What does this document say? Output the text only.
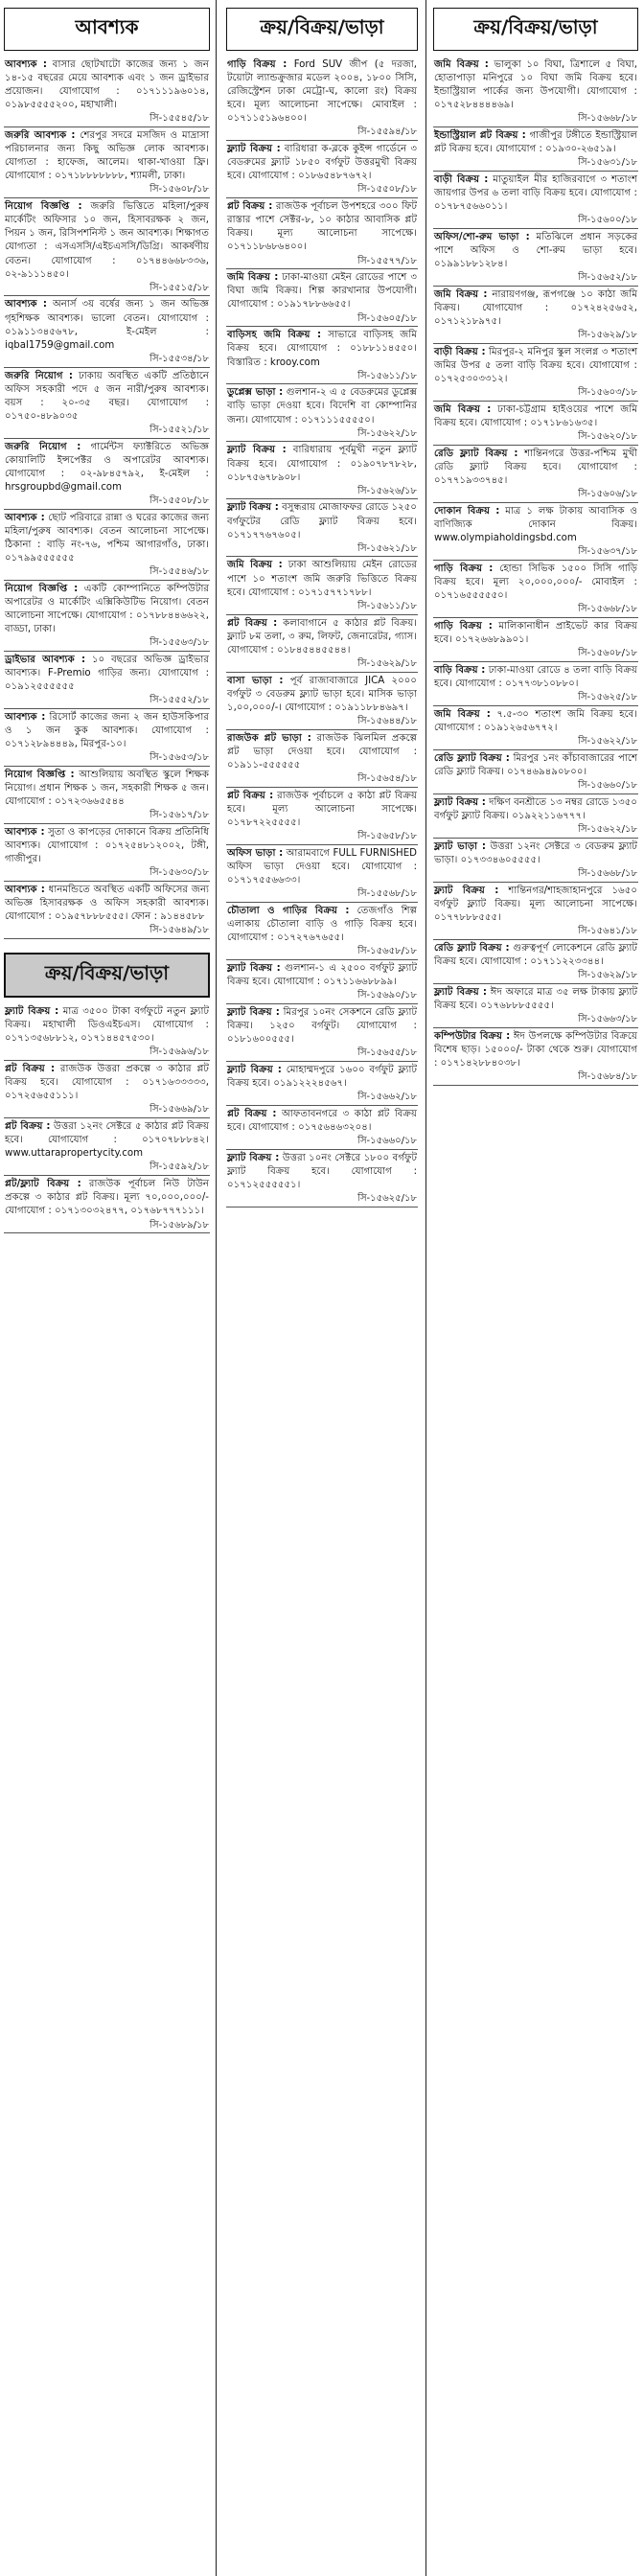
আবশ্যক
আবশ্যক : বাসার ছোটখাটো কাজের জন্য ১ জন ১৪-১৫ বছরের মেয়ে আবশ্যক এবং ১ জন ড্রাইভার প্রয়োজন। যোগাযোগ : ০১৭১১১৯৬০১৪, ০১৯৮৫৫৫৫২০০, মহাখালী।
সি-১৫৫৪৫/১৮
জরুরি আবশ্যক : শেরপুর সদরে মসজিদ ও মাদ্রাসা পরিচালনার জন্য কিছু অভিজ্ঞ লোক আবশ্যক। যোগ্যতা : হাফেজ, আলেম। থাকা-খাওয়া ফ্রি। যোগাযোগ : ০১৭১৮৮৮৮৮৮৮, শ্যামলী, ঢাকা।
সি-১৫৬০৮/১৮
নিয়োগ বিজ্ঞপ্তি : জরুরি ভিত্তিতে মহিলা/পুরুষ মার্কেটিং অফিসার ১০ জন, হিসাবরক্ষক ২ জন, পিয়ন ১ জন, রিসিপশনিস্ট ১ জন আবশ্যক। শিক্ষাগত যোগ্যতা : এসএসসি/এইচএসসি/ডিগ্রি। আকর্ষণীয় বেতন। যোগাযোগ : ০১৭৪৪৬৬৮৩৩৬, ০২-৯১১১৪৫০।
সি-১৫৫১৫/১৮
আবশ্যক : অনার্স ৩য় বর্ষের জন্য ১ জন অভিজ্ঞ গৃহশিক্ষক আবশ্যক। ভালো বেতন। যোগাযোগ : ০১৯১১৩৪৫৬৭৮, ই-মেইল : iqbal1759@gmail.com
সি-১৫৫৩৪/১৮
জরুরি নিয়োগ : ঢাকায় অবস্থিত একটি প্রতিষ্ঠানে অফিস সহকারী পদে ৫ জন নারী/পুরুষ আবশ্যক। বয়স : ২০-৩৫ বছর। যোগাযোগ : ০১৭৫০-৪৮৯০৩৫
সি-১৫৫২১/১৮
জরুরি নিয়োগ : গার্মেন্টস ফ্যাক্টরিতে অভিজ্ঞ কোয়ালিটি ইন্সপেক্টর ও অপারেটর আবশ্যক। যোগাযোগ : ০২-৯৮৪৫৭৯২, ই-মেইল : hrsgroupbd@gmail.com
সি-১৫৫০৮/১৮
আবশ্যক : ছোট পরিবারে রান্না ও ঘরের কাজের জন্য মহিলা/পুরুষ আবশ্যক। বেতন আলোচনা সাপেক্ষে। ঠিকানা : বাড়ি নং-৭৬, পশ্চিম আগারগাঁও, ঢাকা। ০১৭৯৯৫৫৫৫৫৫
সি-১৫৫৪৬/১৮
নিয়োগ বিজ্ঞপ্তি : একটি কোম্পানিতে কম্পিউটার অপারেটর ও মার্কেটিং এক্সিকিউটিভ নিয়োগ। বেতন আলোচনা সাপেক্ষে। যোগাযোগ : ০১৭৮৮৪৪৬৬২২, বাড্ডা, ঢাকা।
সি-১৫৫৬৩/১৮
ড্রাইভার আবশ্যক : ১০ বছরের অভিজ্ঞ ড্রাইভার আবশ্যক। F-Premio গাড়ির জন্য। যোগাযোগ : ০১৯১২৫৫৫৫৫৫
সি-১৫৫৫২/১৮
আবশ্যক : রিসোর্ট কাজের জন্য ২ জন হাউসকিপার ও ১ জন কুক আবশ্যক। যোগাযোগ : ০১৭১২৮৯৪৪৪৯, মিরপুর-১০।
সি-১৫৬৫৩/১৮
নিয়োগ বিজ্ঞপ্তি : আশুলিয়ায় অবস্থিত স্কুলে শিক্ষক নিয়োগ। প্রধান শিক্ষক ১ জন, সহকারী শিক্ষক ৫ জন। যোগাযোগ : ০১৭২৩৬৬৫৫৪৪
সি-১৫৬১৭/১৮
আবশ্যক : সুতা ও কাপড়ের দোকানে বিক্রয় প্রতিনিধি আবশ্যক। যোগাযোগ : ০১৭২৫৪৮১২০০২, টঙ্গী, গাজীপুর।
সি-১৫৬৩০/১৮
আবশ্যক : ধানমন্ডিতে অবস্থিত একটি অফিসের জন্য অভিজ্ঞ হিসাবরক্ষক ও অফিস সহকারী আবশ্যক। যোগাযোগ : ০১৯৫৭৮৮৮৫৫৫। ফোন : ৯১৪৪৫৮৮
সি-১৫৬৪৯/১৮
ক্রয়/বিক্রয়/ভাড়া
ফ্ল্যাট বিক্রয় : মাত্র ৩৫০০ টাকা বর্গফুটে নতুন ফ্ল্যাট বিক্রয়। মহাখালী ডিওএইচএস। যোগাযোগ : ০১৭১৩৫৬৮৮১২, ০১৭১৪৪৫৭৫৩০।
সি-১৫৬৯৬/১৮
প্লট বিক্রয় : রাজউক উত্তরা প্রকল্পে ৩ কাঠার প্লট বিক্রয় হবে। যোগাযোগ : ০১৭১৬৩৩৩৩৩, ০১৭২৫৬৫৫১১১।
সি-১৫৬৬৯/১৮
প্লট বিক্রয় : উত্তরা ১২নং সেক্টরে ৫ কাঠার প্লট বিক্রয় হবে। যোগাযোগ : ০১৭০৭৮৮৮৪২। www.uttarapropertycity.com
সি-১৫৫৯২/১৮
প্লট/ফ্ল্যাট বিক্রয় : রাজউক পূর্বাচল নিউ টাউন প্রকল্পে ৩ কাঠার প্লট বিক্রয়। মূল্য ৭০,০০০,০০০/- যোগাযোগ : ০১৭১৩০৩২৪৭৭, ০১৭৬৮৭৭৭১১১।
সি-১৫৬৮৯/১৮
ক্রয়/বিক্রয়/ভাড়া
গাড়ি বিক্রয় : Ford SUV জীপ (৫ দরজা, টয়োটা ল্যান্ডক্রুজার মডেল ২০০৪, ১৮০০ সিসি, রেজিস্ট্রেশন ঢাকা মেট্রো-ঘ, কালো রং) বিক্রয় হবে। মূল্য আলোচনা সাপেক্ষে। মোবাইল : ০১৭১১৫১৯৬৪০০।
সি-১৫৫৯৪/১৮
ফ্ল্যাট বিক্রয় : বারিধারা ক-ব্লকে কুইন্স গার্ডেনে ৩ বেডরুমের ফ্ল্যাট ১৮৫০ বর্গফুট উত্তরমুখী বিক্রয় হবে। যোগাযোগ : ০১৮৬৫৪৮৭৬৭২।
সি-১৫৫০৮/১৮
প্লট বিক্রয় : রাজউক পূর্বাচল উপশহরে ৩০০ ফিট রাস্তার পাশে সেক্টর-৮, ১০ কাঠার আবাসিক প্লট বিক্রয়। মূল্য আলোচনা সাপেক্ষে। ০১৭১১৮৬৮৬৪০০।
সি-১৫৫৭৭/১৮
জমি বিক্রয় : ঢাকা-মাওয়া মেইন রোডের পাশে ৩ বিঘা জমি বিক্রয়। শিল্প কারখানার উপযোগী। যোগাযোগ : ০১৯১৭৮৮৬৬৫৫।
সি-১৫৬০৫/১৮
বাড়িসহ জমি বিক্রয় : সাভারে বাড়িসহ জমি বিক্রয় হবে। যোগাযোগ : ০১৮৮১১৪৫৫০। বিস্তারিত : krooy.com
সি-১৫৬১১/১৮
ডুপ্লেক্স ভাড়া : গুলশান-২ এ ৫ বেডরুমের ডুপ্লেক্স বাড়ি ভাড়া দেওয়া হবে। বিদেশি বা কোম্পানির জন্য। যোগাযোগ : ০১৭১১১৫৫৫৫০।
সি-১৫৬২২/১৮
ফ্ল্যাট বিক্রয় : বারিধারায় পূর্বমুখী নতুন ফ্ল্যাট বিক্রয় হবে। যোগাযোগ : ০১৯০৭৮৭৮২৮, ০১৮৭৫৬৭৮৯০৮।
সি-১৫৬২৬/১৮
ফ্ল্যাট বিক্রয় : বসুন্ধরায় মোজাফফর রোডে ১২৫০ বর্গফুটের রেডি ফ্ল্যাট বিক্রয় হবে। ০১৭১৭৭৬৭৬০৫।
সি-১৫৬২১/১৮
জমি বিক্রয় : ঢাকা আশুলিয়ায় মেইন রোডের পাশে ১০ শতাংশ জমি জরুরি ভিত্তিতে বিক্রয় হবে। যোগাযোগ : ০১৭১৫৭৭১৭৮৮।
সি-১৫৬১১/১৮
প্লট বিক্রয় : কলাবাগানে ৫ কাঠার প্লট বিক্রয়। ফ্ল্যাট ৮ম তলা, ৩ রুম, লিফট, জেনারেটর, গ্যাস। যোগাযোগ : ০১৮৪৫৪৪৫৫৪৪।
সি-১৫৬২৯/১৮
বাসা ভাড়া : পূর্ব রাজাবাজারে JICA ২০০০ বর্গফুট ৩ বেডরুম ফ্ল্যাট ভাড়া হবে। মাসিক ভাড়া ১,০০,০০০/-। যোগাযোগ : ০১৯১১৮৮৪৬৯৭।
সি-১৫৬৪৪/১৮
রাজউক প্লট ভাড়া : রাজউক ঝিলমিল প্রকল্পে প্লট ভাড়া দেওয়া হবে। যোগাযোগ : ০১৯১১-৫৫৫৫৫৫
সি-১৫৬৫৪/১৮
প্লট বিক্রয় : রাজউক পূর্বাচলে ৫ কাঠা প্লট বিক্রয় হবে। মূল্য আলোচনা সাপেক্ষে। ০১৭৮৭২২৫৫৫৫।
সি-১৫৬৫৮/১৮
অফিস ভাড়া : আরামবাগে FULL FURNISHED অফিস ভাড়া দেওয়া হবে। যোগাযোগ : ০১৭১৭৫৫৬৬৩৩।
সি-১৫৫৬৮/১৮
চৌতালা ও গাড়ির বিক্রয় : তেজগাঁও শিল্প এলাকায় চৌতালা বাড়ি ও গাড়ি বিক্রয় হবে। যোগাযোগ : ০১৭২৭৬৭৬৫৫।
সি-১৫৬৫৮/১৮
ফ্ল্যাট বিক্রয় : গুলশান-১ এ ২৫০০ বর্গফুট ফ্ল্যাট বিক্রয় হবে। যোগাযোগ : ০১৭১১৬৬৮৮৯৯।
সি-১৫৬৯০/১৮
ফ্ল্যাট বিক্রয় : মিরপুর ১০নং সেকশনে রেডি ফ্ল্যাট বিক্রয়। ১২৫০ বর্গফুট। যোগাযোগ : ০১৮১৬০০৫৫৫।
সি-১৫৬৫৫/১৮
ফ্ল্যাট বিক্রয় : মোহাম্মদপুরে ১৬০০ বর্গফুট ফ্ল্যাট বিক্রয় হবে। ০১৯১২২২৪৫৬৭।
সি-১৫৬৬২/১৮
প্লট বিক্রয় : আফতাবনগরে ৩ কাঠা প্লট বিক্রয় হবে। যোগাযোগ : ০১৭৫৬৪৬৩২০৪।
সি-১৫৬৬০/১৮
ফ্ল্যাট বিক্রয় : উত্তরা ১০নং সেক্টরে ১৮০০ বর্গফুট ফ্ল্যাট বিক্রয় হবে। যোগাযোগ : ০১৭১২৫৫৫৫৫১।
সি-১৫৬২৫/১৮
ক্রয়/বিক্রয়/ভাড়া
জমি বিক্রয় : ভালুকা ১০ বিঘা, ত্রিশালে ৫ বিঘা, হোতাপাড়া মনিপুরে ১০ বিঘা জমি বিক্রয় হবে। ইন্ডাস্ট্রিয়াল পার্কের জন্য উপযোগী। যোগাযোগ : ০১৭৫২৮৪৪৪৪৬৯।
সি-১৫৬৬৮/১৮
ইন্ডাস্ট্রিয়াল প্লট বিক্রয় : গাজীপুর টঙ্গীতে ইন্ডাস্ট্রিয়াল প্লট বিক্রয় হবে। যোগাযোগ : ০১৯৩০-২৬৫১৯।
সি-১৫৬৩১/১৮
বাড়ী বিক্রয় : মাতুয়াইল মীর হাজিরবাগে ৩ শতাংশ জায়গার উপর ৬ তলা বাড়ি বিক্রয় হবে। যোগাযোগ : ০১৭৮৭৫৬৬০১১।
সি-১৫৬০০/১৮
অফিস/শো-রুম ভাড়া : মতিঝিলে প্রধান সড়কের পাশে অফিস ও শো-রুম ভাড়া হবে। ০১৯৯১৮৮১২৮৪।
সি-১৫৬৫২/১৮
জমি বিক্রয় : নারায়ণগঞ্জ, রূপগঞ্জে ১০ কাঠা জমি বিক্রয়। যোগাযোগ : ০১৭২৪২৫৬৫২, ০১৭১২১৮৯৭৫।
সি-১৫৬২৯/১৮
বাড়ী বিক্রয় : মিরপুর-২ মনিপুর স্কুল সংলগ্ন ৩ শতাংশ জমির উপর ৫ তলা বাড়ি বিক্রয় হবে। যোগাযোগ : ০১৭২৫৩০৩৩১২।
সি-১৫৬০৩/১৮
জমি বিক্রয় : ঢাকা-চট্টগ্রাম হাইওয়ের পাশে জমি বিক্রয় হবে। যোগাযোগ : ০১৭১৮৬১৬৩৫।
সি-১৫৬২০/১৮
রেডি ফ্ল্যাট বিক্রয় : শান্তিনগরে উত্তর-পশ্চিম মুখী রেডি ফ্ল্যাট বিক্রয় হবে। যোগাযোগ : ০১৭৭১৯৩৩৭৪৫।
সি-১৫৬০৬/১৮
দোকান বিক্রয় : মাত্র ১ লক্ষ টাকায় আবাসিক ও বাণিজ্যিক দোকান বিক্রয়। www.olympiaholdingsbd.com
সি-১৫৬৩৭/১৮
গাড়ি বিক্রয় : হোন্ডা সিভিক ১৫০০ সিসি গাড়ি বিক্রয় হবে। মূল্য ২০,০০০,০০০/- মোবাইল : ০১৭১৬৫৫৫৫৫০।
সি-১৫৬৬৮/১৮
গাড়ি বিক্রয় : মালিকানাধীন প্রাইভেট কার বিক্রয় হবে। ০১৭২৬৬৮৯৯০১।
সি-১৫৬০৮/১৮
বাড়ি বিক্রয় : ঢাকা-মাওয়া রোডে ৪ তলা বাড়ি বিক্রয় হবে। যোগাযোগ : ০১৭৭৩৮১০৮৮০।
সি-১৫৬২৫/১৮
জমি বিক্রয় : ৭.৫-৩০ শতাংশ জমি বিক্রয় হবে। যোগাযোগ : ০১৯১২৬৫৬৭৭২।
সি-১৫৬২২/১৮
রেডি ফ্ল্যাট বিক্রয় : মিরপুর ১নং কাঁচাবাজারের পাশে রেডি ফ্ল্যাট বিক্রয়। ০১৭৪৬৯৪৯০৮০০।
সি-১৫৬৬০/১৮
ফ্ল্যাট বিক্রয় : দক্ষিণ বনশ্রীতে ১৩ নম্বর রোডে ১৩৫০ বর্গফুট ফ্ল্যাট বিক্রয়। ০১৯২২১১৬৭৭৭।
সি-১৫৬২২/১৮
ফ্ল্যাট ভাড়া : উত্তরা ১২নং সেক্টরে ৩ বেডরুম ফ্ল্যাট ভাড়া। ০১৭৩৩৪৬০৫৫৫৫।
সি-১৫৬৬৮/১৮
ফ্ল্যাট বিক্রয় : শান্তিনগর/শাহজাহানপুরে ১৬৫০ বর্গফুট ফ্ল্যাট বিক্রয়। মূল্য আলোচনা সাপেক্ষে। ০১৭৭৮৮৮৫৫৫।
সি-১৫৬৪১/১৮
রেডি ফ্ল্যাট বিক্রয় : গুরুত্বপূর্ণ লোকেশনে রেডি ফ্ল্যাট বিক্রয় হবে। যোগাযোগ : ০১৭১১২২৩৩৪৪।
সি-১৫৬২৯/১৮
ফ্ল্যাট বিক্রয় : ঈদ অফারে মাত্র ৩৫ লক্ষ টাকায় ফ্ল্যাট বিক্রয় হবে। ০১৭৬৮৮৮৫৫৫৫।
সি-১৫৬৬৩/১৮
কম্পিউটার বিক্রয় : ঈদ উপলক্ষে কম্পিউটার বিক্রয়ে বিশেষ ছাড়। ১৫০০০/- টাকা থেকে শুরু। যোগাযোগ : ০১৭১৪২৮৮৪০৩৮।
সি-১৫৬৮৪/১৮
